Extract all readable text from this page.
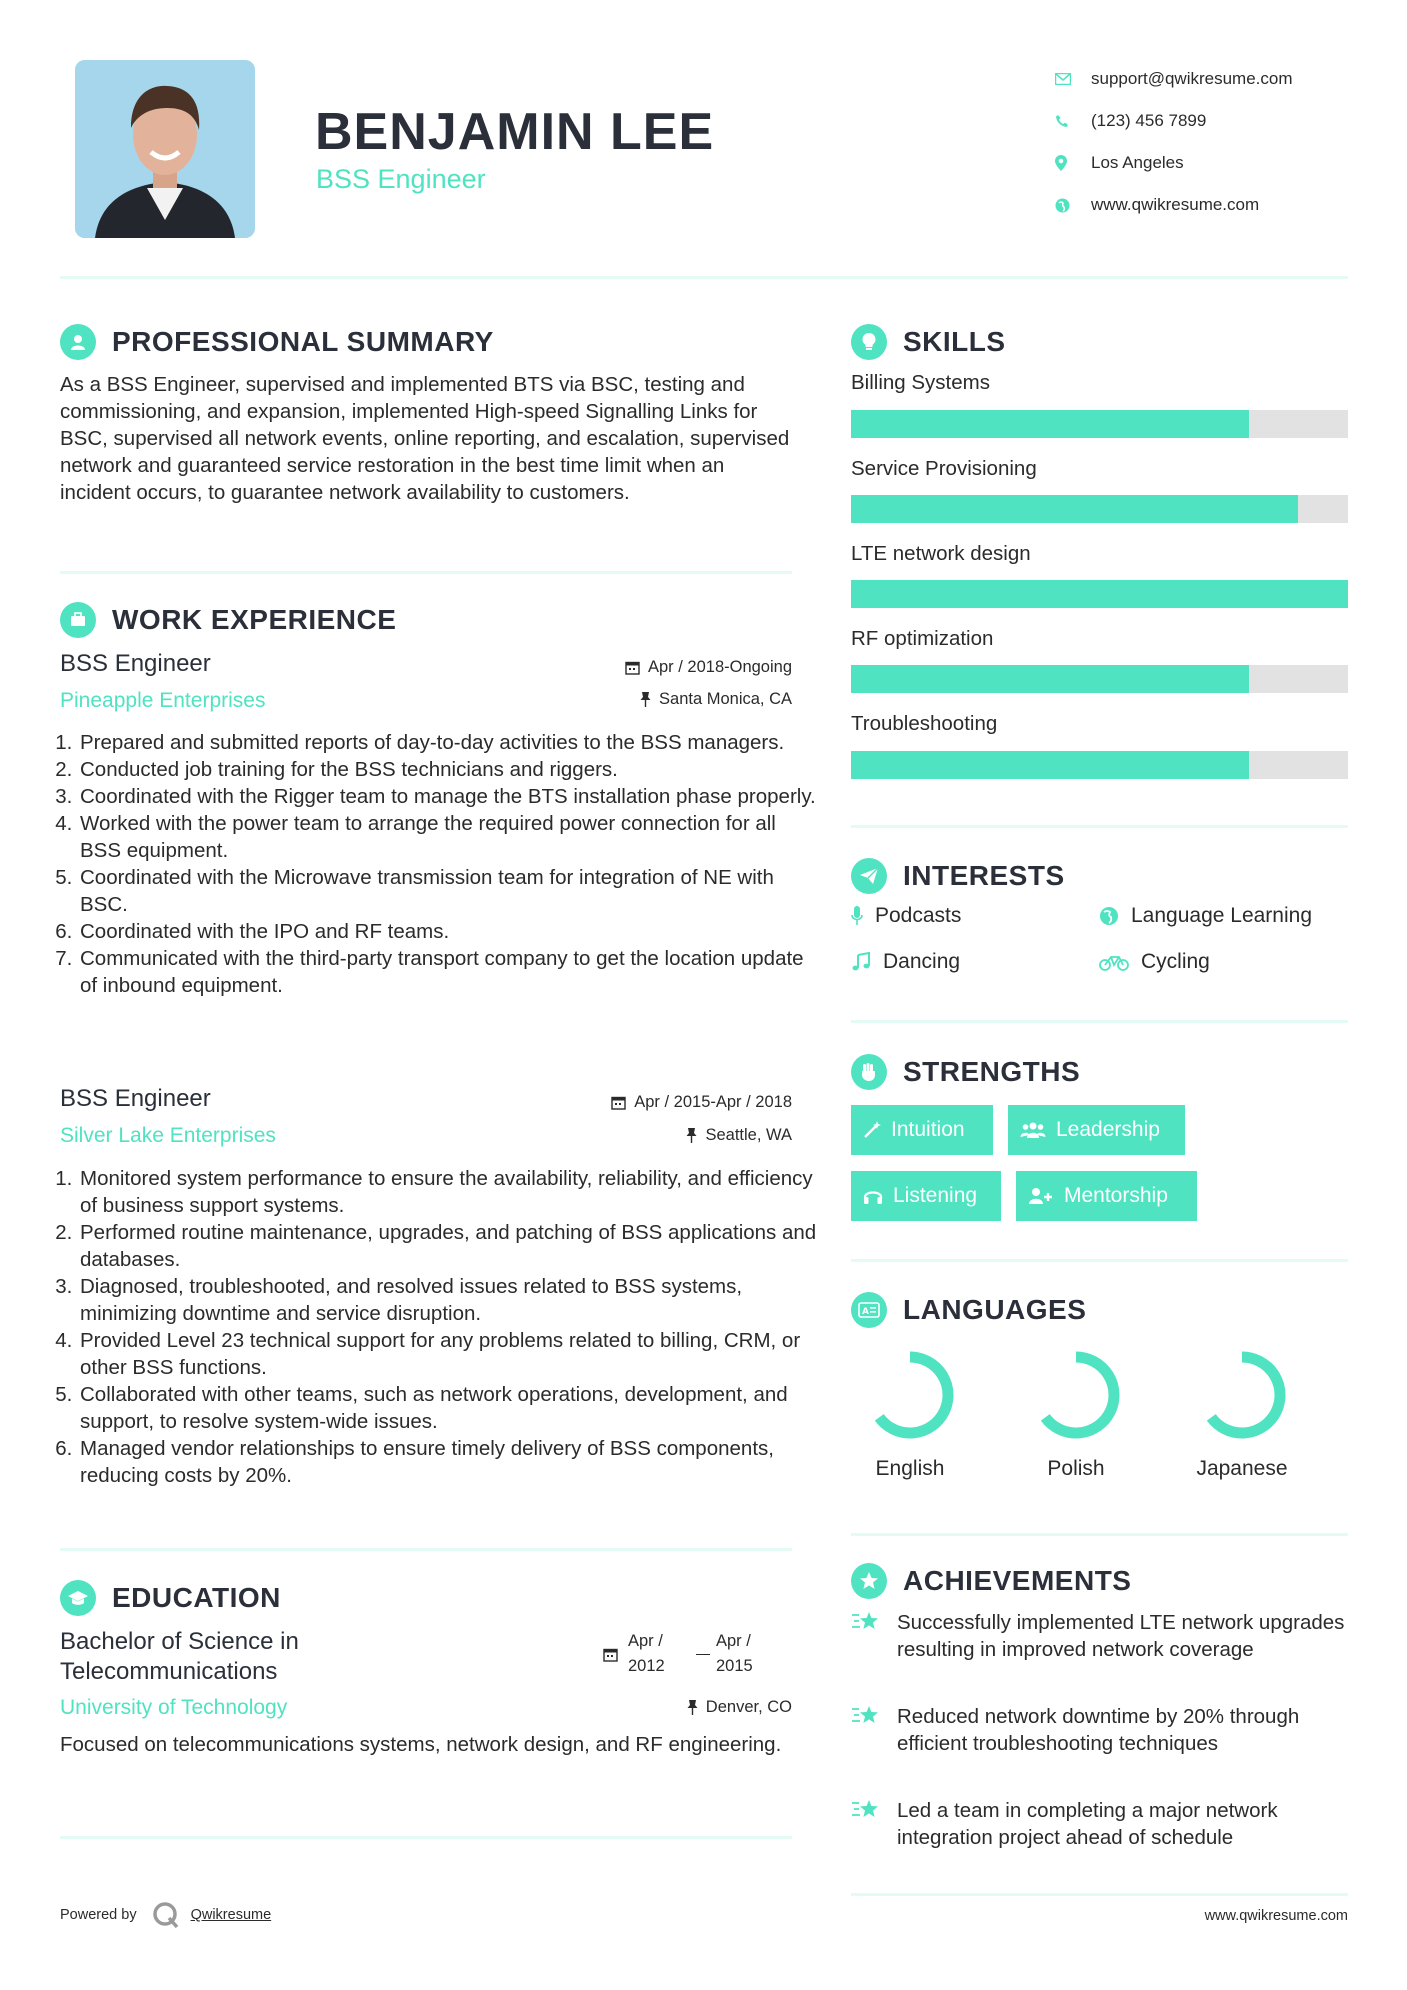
BENJAMIN LEE
BSS Engineer
support@qwikresume.com
(123) 456 7899
Los Angeles
www.qwikresume.com
PROFESSIONAL SUMMARY
As a BSS Engineer, supervised and implemented BTS via BSC, testing and commissioning, and expansion, implemented High-speed Signalling Links for BSC, supervised all network events, online reporting, and escalation, supervised network and guaranteed service restoration in the best time limit when an incident occurs, to guarantee network availability to customers.
WORK EXPERIENCE
BSS Engineer
Pineapple Enterprises
Apr / 2018-Ongoing
Santa Monica, CA
1. Prepared and submitted reports of day-to-day activities to the BSS managers.
2. Conducted job training for the BSS technicians and riggers.
3. Coordinated with the Rigger team to manage the BTS installation phase properly.
4. Worked with the power team to arrange the required power connection for all BSS equipment.
5. Coordinated with the Microwave transmission team for integration of NE with BSC.
6. Coordinated with the IPO and RF teams.
7. Communicated with the third-party transport company to get the location update of inbound equipment.
BSS Engineer
Silver Lake Enterprises
Apr / 2015-Apr / 2018
Seattle, WA
1. Monitored system performance to ensure the availability, reliability, and efficiency of business support systems.
2. Performed routine maintenance, upgrades, and patching of BSS applications and databases.
3. Diagnosed, troubleshooted, and resolved issues related to BSS systems, minimizing downtime and service disruption.
4. Provided Level 23 technical support for any problems related to billing, CRM, or other BSS functions.
5. Collaborated with other teams, such as network operations, development, and support, to resolve system-wide issues.
6. Managed vendor relationships to ensure timely delivery of BSS components, reducing costs by 20%.
EDUCATION
Bachelor of Science in
Telecommunications
University of Technology
Apr /
2012
Apr /
2015
Denver, CO
Focused on telecommunications systems, network design, and RF engineering.
SKILLS
Billing Systems
Service Provisioning
LTE network design
RF optimization
Troubleshooting
INTERESTS
Podcasts	Language Learning
Dancing	Cycling
STRENGTHS
Intuition	Leadership
Listening	Mentorship
A LANGUAGES
English	Polish	Japanese
ACHIEVEMENTS
Successfully implemented LTE network upgrades resulting in improved network coverage
Reduced network downtime by 20% through efficient troubleshooting techniques
Led a team in completing a major network integration project ahead of schedule
Powered by	Qwikresume	www.qwikresume.com
